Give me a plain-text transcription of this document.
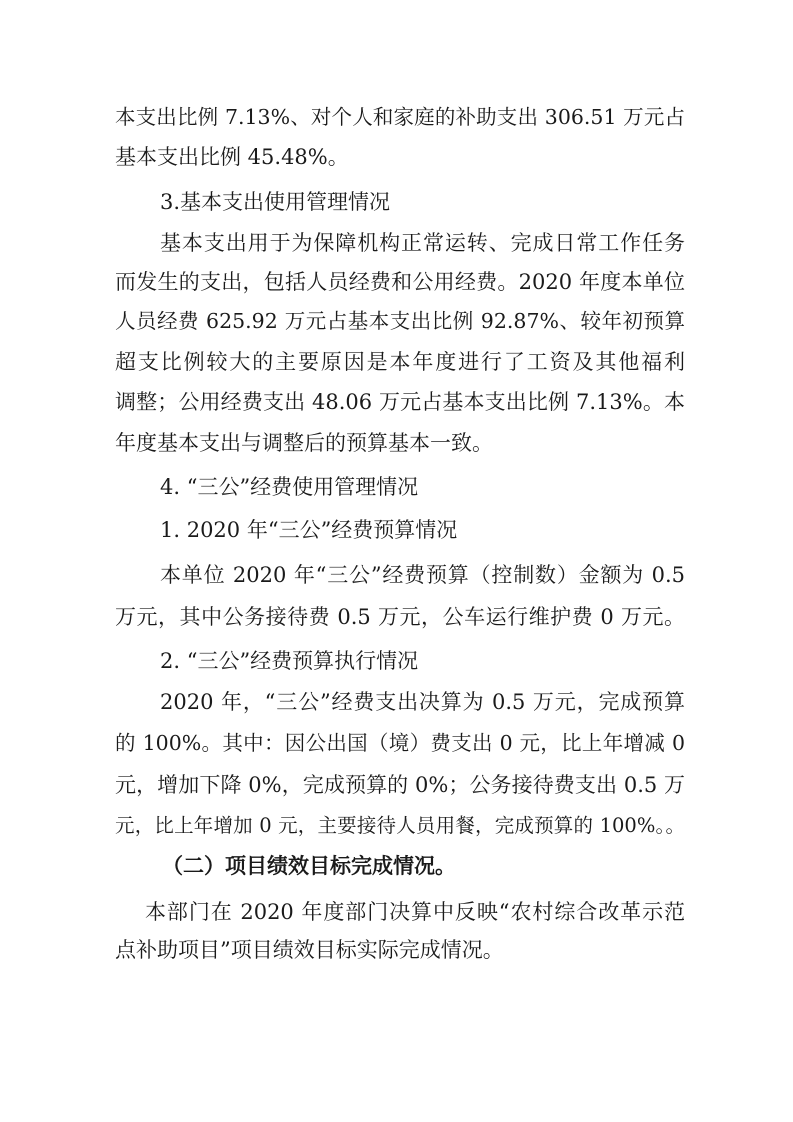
本支出比例 7.13%、对个人和家庭的补助支出 306.51 万元占
基本支出比例 45.48%。
3.基本支出使用管理情况
基本支出用于为保障机构正常运转、完成日常工作任务
而发生的支出，包括人员经费和公用经费。2020 年度本单位
人员经费 625.92 万元占基本支出比例 92.87%、较年初预算
超支比例较大的主要原因是本年度进行了工资及其他福利
调整；公用经费支出 48.06 万元占基本支出比例 7.13%。本
年度基本支出与调整后的预算基本一致。
4. “三公”经费使用管理情况
1. 2020 年“三公”经费预算情况
本单位 2020 年“三公”经费预算（控制数）金额为 0.5
万元，其中公务接待费 0.5 万元，公车运行维护费 0 万元。
2. “三公”经费预算执行情况
2020 年，“三公”经费支出决算为 0.5 万元，完成预算
的 100%。其中：因公出国（境）费支出 0 元，比上年增减 0
元，增加下降 0%，完成预算的 0%；公务接待费支出 0.5 万
元，比上年增加 0 元，主要接待人员用餐，完成预算的 100%。。
（二）项目绩效目标完成情况。
本部门在 2020 年度部门决算中反映“农村综合改革示范
点补助项目”项目绩效目标实际完成情况。
